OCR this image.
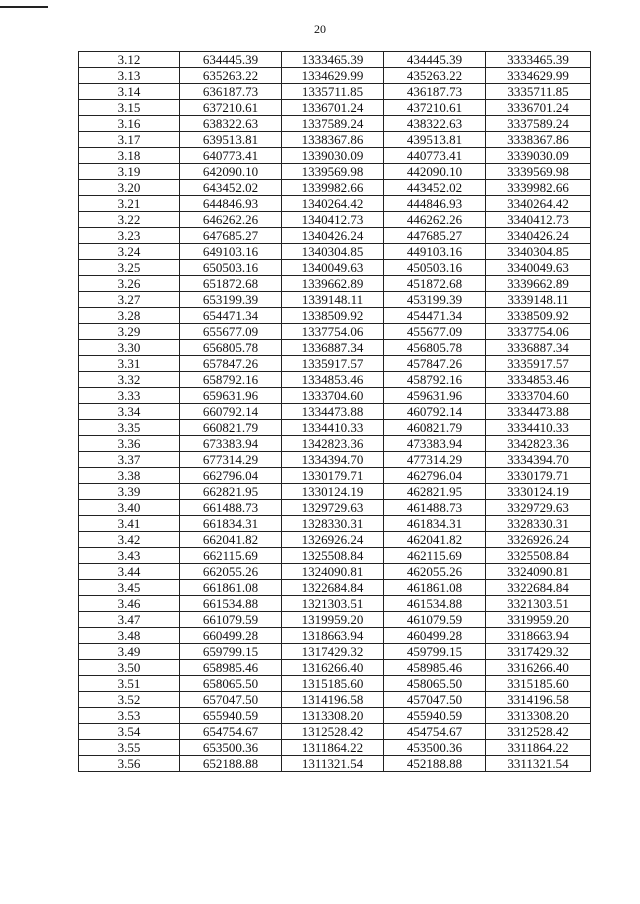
20
3.12	634445.39	1333465.39	434445.39	3333465.39
3.13	635263.22	1334629.99	435263.22	3334629.99
3.14	636187.73	1335711.85	436187.73	3335711.85
3.15	637210.61	1336701.24	437210.61	3336701.24
3.16	638322.63	1337589.24	438322.63	3337589.24
3.17	639513.81	1338367.86	439513.81	3338367.86
3.18	640773.41	1339030.09	440773.41	3339030.09
3.19	642090.10	1339569.98	442090.10	3339569.98
3.20	643452.02	1339982.66	443452.02	3339982.66
3.21	644846.93	1340264.42	444846.93	3340264.42
3.22	646262.26	1340412.73	446262.26	3340412.73
3.23	647685.27	1340426.24	447685.27	3340426.24
3.24	649103.16	1340304.85	449103.16	3340304.85
3.25	650503.16	1340049.63	450503.16	3340049.63
3.26	651872.68	1339662.89	451872.68	3339662.89
3.27	653199.39	1339148.11	453199.39	3339148.11
3.28	654471.34	1338509.92	454471.34	3338509.92
3.29	655677.09	1337754.06	455677.09	3337754.06
3.30	656805.78	1336887.34	456805.78	3336887.34
3.31	657847.26	1335917.57	457847.26	3335917.57
3.32	658792.16	1334853.46	458792.16	3334853.46
3.33	659631.96	1333704.60	459631.96	3333704.60
3.34	660792.14	1334473.88	460792.14	3334473.88
3.35	660821.79	1334410.33	460821.79	3334410.33
3.36	673383.94	1342823.36	473383.94	3342823.36
3.37	677314.29	1334394.70	477314.29	3334394.70
3.38	662796.04	1330179.71	462796.04	3330179.71
3.39	662821.95	1330124.19	462821.95	3330124.19
3.40	661488.73	1329729.63	461488.73	3329729.63
3.41	661834.31	1328330.31	461834.31	3328330.31
3.42	662041.82	1326926.24	462041.82	3326926.24
3.43	662115.69	1325508.84	462115.69	3325508.84
3.44	662055.26	1324090.81	462055.26	3324090.81
3.45	661861.08	1322684.84	461861.08	3322684.84
3.46	661534.88	1321303.51	461534.88	3321303.51
3.47	661079.59	1319959.20	461079.59	3319959.20
3.48	660499.28	1318663.94	460499.28	3318663.94
3.49	659799.15	1317429.32	459799.15	3317429.32
3.50	658985.46	1316266.40	458985.46	3316266.40
3.51	658065.50	1315185.60	458065.50	3315185.60
3.52	657047.50	1314196.58	457047.50	3314196.58
3.53	655940.59	1313308.20	455940.59	3313308.20
3.54	654754.67	1312528.42	454754.67	3312528.42
3.55	653500.36	1311864.22	453500.36	3311864.22
3.56	652188.88	1311321.54	452188.88	3311321.54
